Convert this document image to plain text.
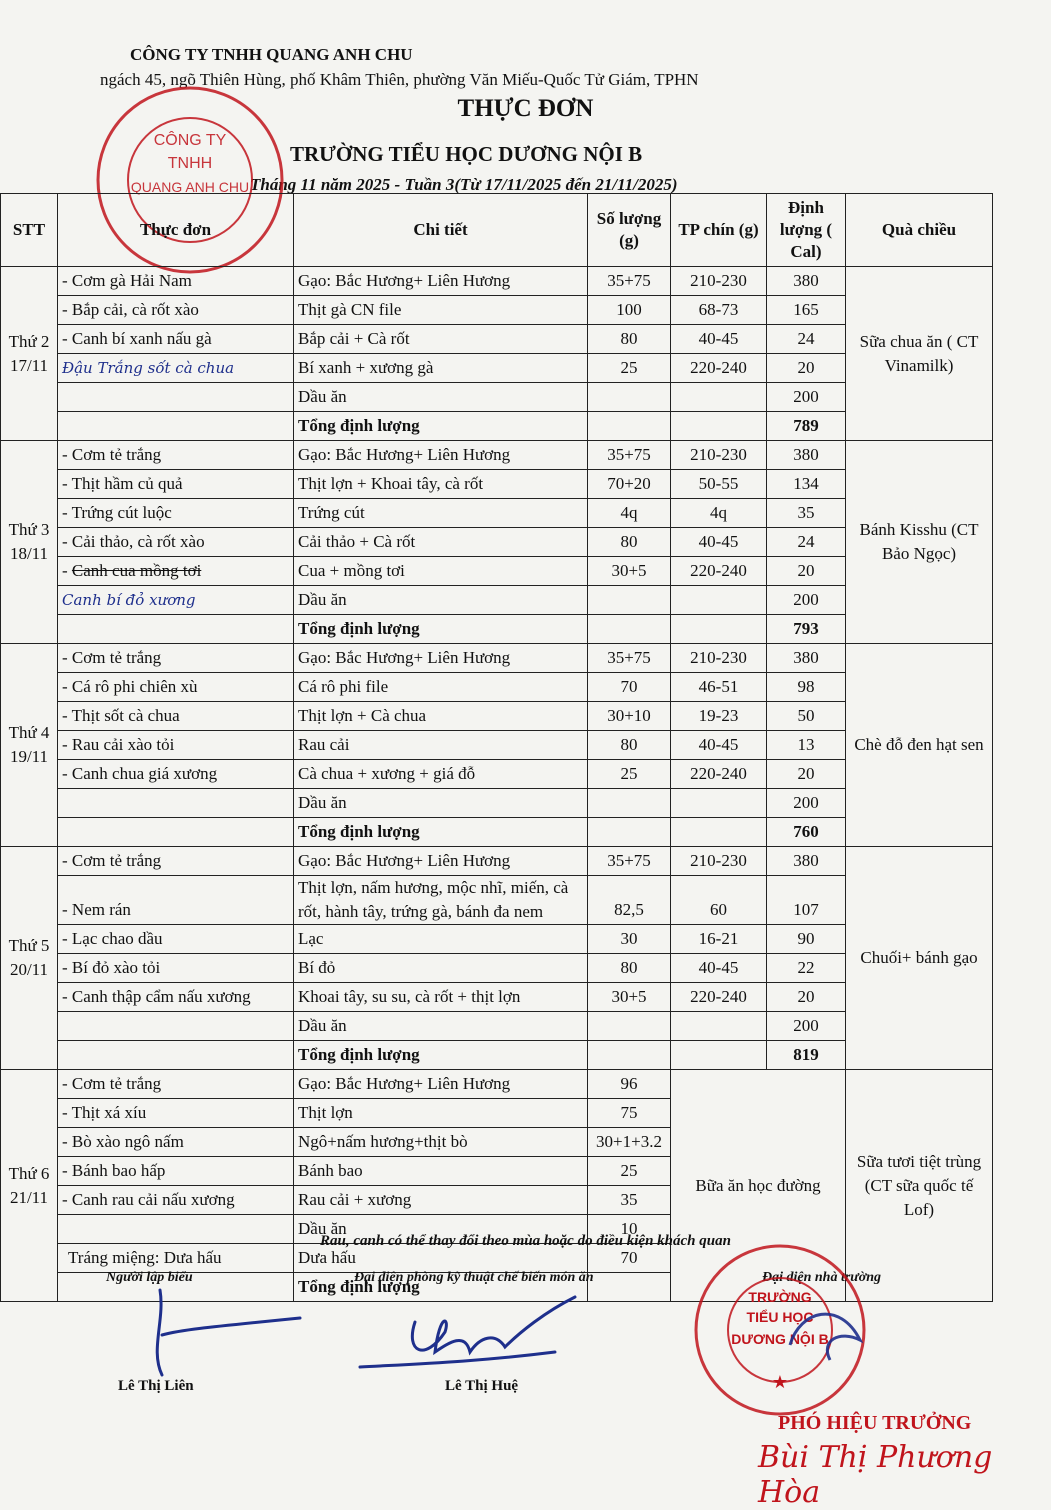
CÔNG TY TNHH QUANG ANH CHU
ngách 45, ngõ Thiên Hùng, phố Khâm Thiên, phường Văn Miếu-Quốc Tử Giám, TPHN
THỰC ĐƠN
TRƯỜNG TIỂU HỌC DƯƠNG NỘI B
Tháng 11 năm 2025 - Tuần 3(Từ 17/11/2025 đến 21/11/2025)
CÔNG TY
TNHH
QUANG ANH CHU
STT	Thực đơn	Chi tiết	Số lượng (g)	TP chín (g)	Định lượng ( Cal)	Quà chiều
Thứ 2
17/11	- Cơm gà Hải Nam	Gạo: Bắc Hương+ Liên Hương	35+75	210-230	380	Sữa chua ăn ( CT Vinamilk)
	- Bắp cải, cà rốt xào	Thịt gà CN file	100	68-73	165	
	- Canh bí xanh nấu gà	Bắp cải + Cà rốt	80	40-45	24	
	Đậu Trắng sốt cà chua	Bí xanh + xương gà	25	220-240	20	
		Dầu ăn			200	
		Tổng định lượng			789	
Thứ 3
18/11	- Cơm tẻ trắng	Gạo: Bắc Hương+ Liên Hương	35+75	210-230	380	Bánh Kisshu (CT Bảo Ngọc)
	- Thịt hầm củ quả	Thịt lợn + Khoai tây, cà rốt	70+20	50-55	134	
	- Trứng cút luộc	Trứng cút	4q	4q	35	
	- Cải thảo, cà rốt xào	Cải thảo + Cà rốt	80	40-45	24	
	- Canh cua mồng tơi	Cua + mồng tơi	30+5	220-240	20	
	Canh bí đỏ xương	Dầu ăn			200	
		Tổng định lượng			793	
Thứ 4
19/11	- Cơm tẻ trắng	Gạo: Bắc Hương+ Liên Hương	35+75	210-230	380	Chè đỗ đen hạt sen
	- Cá rô phi chiên xù	Cá rô phi file	70	46-51	98	
	- Thịt sốt cà chua	Thịt lợn + Cà chua	30+10	19-23	50	
	- Rau cải xào tỏi	Rau cải	80	40-45	13	
	- Canh chua giá xương	Cà chua + xương + giá đỗ	25	220-240	20	
		Dầu ăn			200	
		Tổng định lượng			760	
Thứ 5
20/11	- Cơm tẻ trắng	Gạo: Bắc Hương+ Liên Hương	35+75	210-230	380	Chuối+ bánh gạo
	- Nem rán	Thịt lợn, nấm hương, mộc nhĩ, miến, cà rốt, hành tây, trứng gà, bánh đa nem	82,5	60	107	
	- Lạc chao dầu	Lạc	30	16-21	90	
	- Bí đỏ xào tỏi	Bí đỏ	80	40-45	22	
	- Canh thập cẩm nấu xương	Khoai tây, su su, cà rốt + thịt lợn	30+5	220-240	20	
		Dầu ăn			200	
		Tổng định lượng			819	
Thứ 6
21/11	- Cơm tẻ trắng	Gạo: Bắc Hương+ Liên Hương	96	Bữa ăn học đường		Sữa tươi tiệt trùng (CT sữa quốc tế Lof)
	- Thịt xá xíu	Thịt lợn	75			
	- Bò xào ngô nấm	Ngô+nấm hương+thịt bò	30+1+3.2			
	- Bánh bao hấp	Bánh bao	25			
	- Canh rau cải nấu xương	Rau cải + xương	35			
		Dầu ăn	10			
	Tráng miệng: Dưa hấu	Dưa hấu	70			
		Tổng định lượng				
Rau, canh có thể thay đổi theo mùa hoặc do điều kiện khách quan
Người lập biểu	Đại diện phòng kỹ thuật chế biến món ăn	Đại diện nhà trường
TRƯỜNG
TIỂU HỌC
DƯƠNG NỘI B
★
Lê Thị Liên	Lê Thị Huệ
PHÓ HIỆU TRƯỞNG
Bùi Thị Phương Hòa
